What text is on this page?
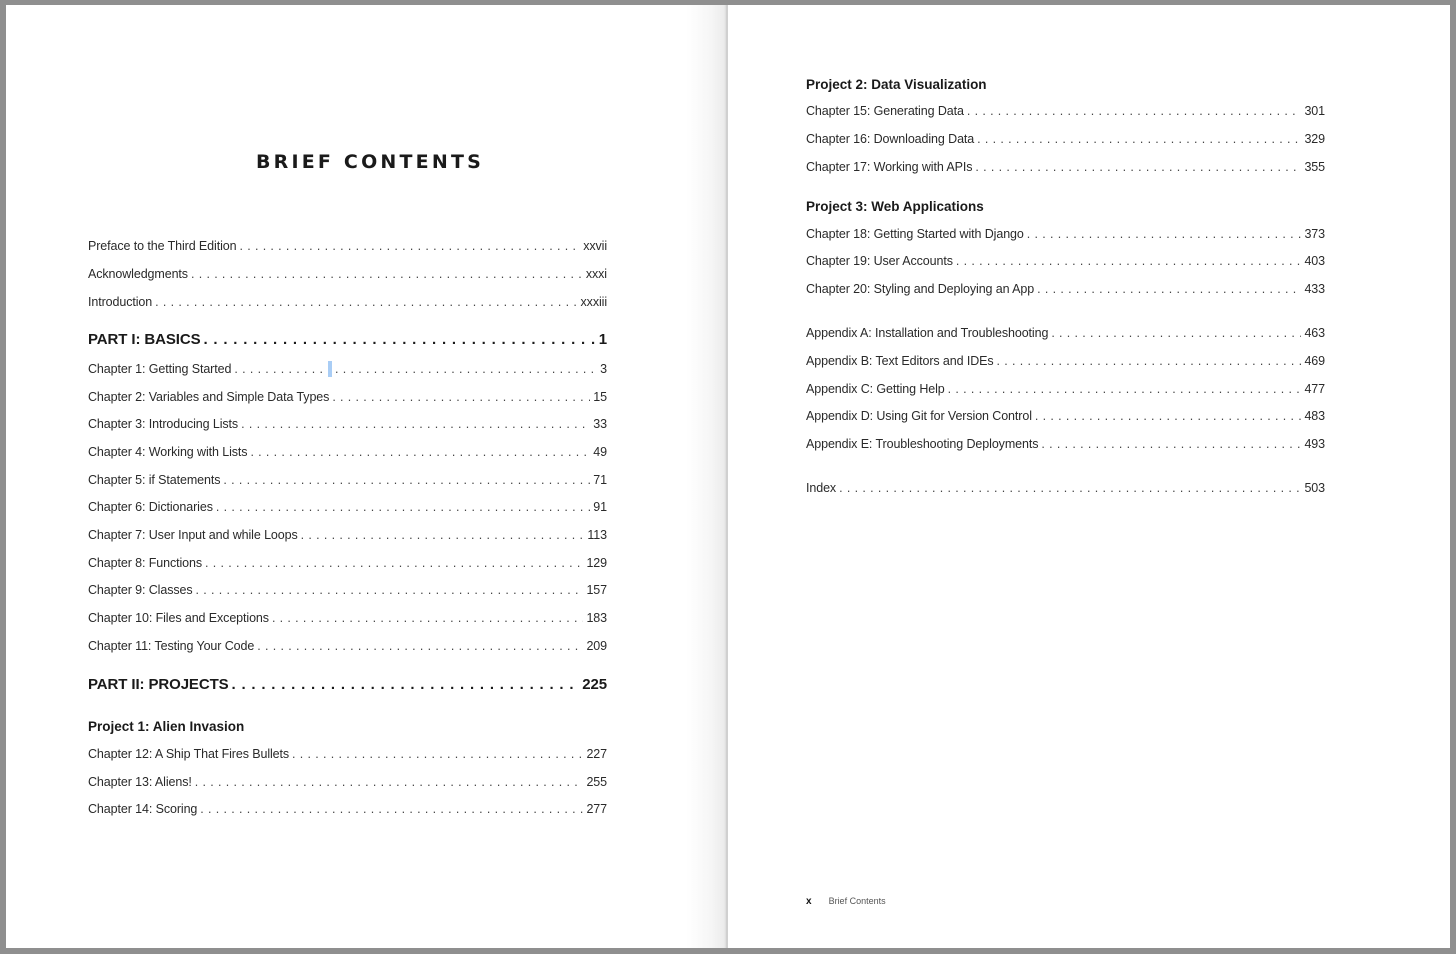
BRIEF CONTENTS
Preface to the Third Edition . . .	xxvii
Acknowledgments . . .	xxxi
Introduction . . .	xxxiii
PART I: BASICS . . .	1
Chapter 1: Getting Started . . .	3
Chapter 2: Variables and Simple Data Types . . .	15
Chapter 3: Introducing Lists . . .	33
Chapter 4: Working with Lists . . .	49
Chapter 5: if Statements . . .	71
Chapter 6: Dictionaries . . .	91
Chapter 7: User Input and while Loops . . .	113
Chapter 8: Functions . . .	129
Chapter 9: Classes . . .	157
Chapter 10: Files and Exceptions . . .	183
Chapter 11: Testing Your Code . . .	209
PART II: PROJECTS . . .	225
Project 1: Alien Invasion
Chapter 12: A Ship That Fires Bullets . . .	227
Chapter 13: Aliens! . . .	255
Chapter 14: Scoring . . .	277
Project 2: Data Visualization
Chapter 15: Generating Data . . .	301
Chapter 16: Downloading Data . . .	329
Chapter 17: Working with APIs . . .	355
Project 3: Web Applications
Chapter 18: Getting Started with Django . . .	373
Chapter 19: User Accounts . . .	403
Chapter 20: Styling and Deploying an App . . .	433
Appendix A: Installation and Troubleshooting . . .	463
Appendix B: Text Editors and IDEs . . .	469
Appendix C: Getting Help . . .	477
Appendix D: Using Git for Version Control . . .	483
Appendix E: Troubleshooting Deployments . . .	493
Index . . .	503
x Brief Contents
